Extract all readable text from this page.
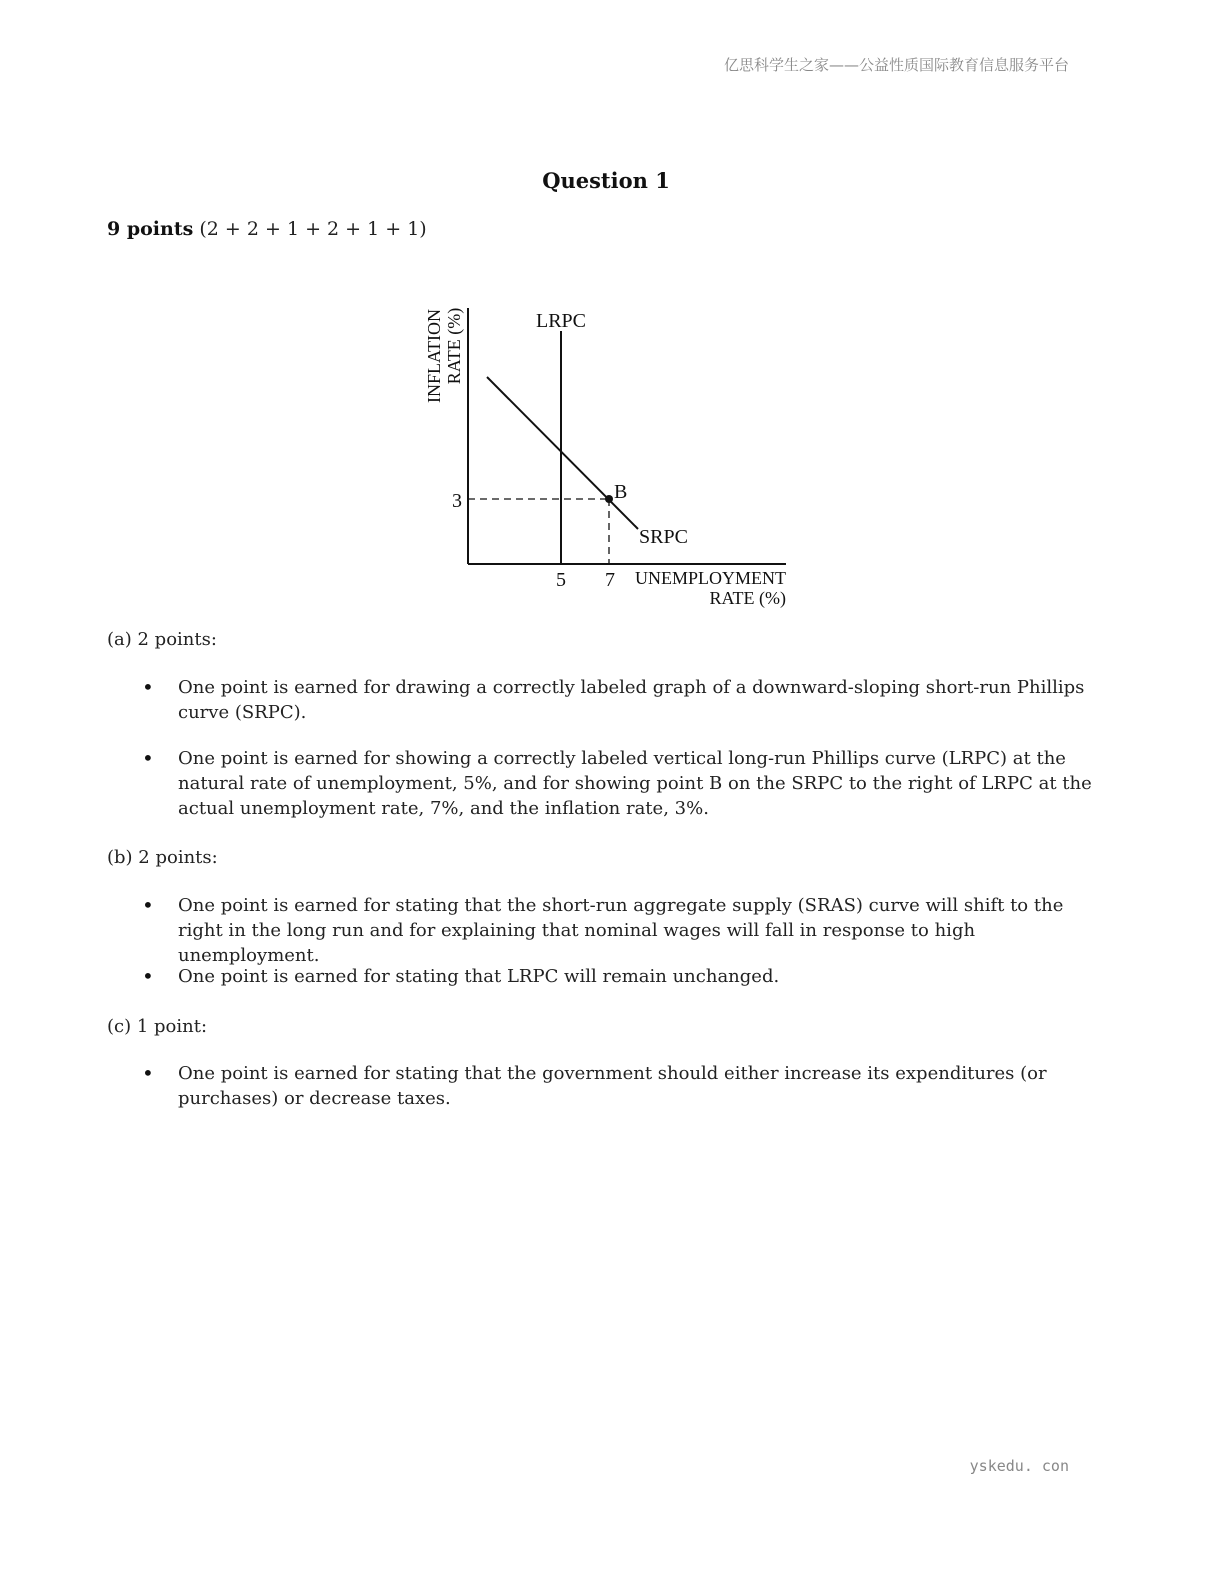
亿思科学生之家——公益性质国际教育信息服务平台
Question 1
9 points (2 + 2 + 1 + 2 + 1 + 1)
INFLATION RATE (%)	LRPC
SRPC
B
3
5 7 UNEMPLOYMENT
RATE (%)
(a) 2 points:
• One point is earned for drawing a correctly labeled graph of a downward-sloping short-run Phillips curve (SRPC).
• One point is earned for showing a correctly labeled vertical long-run Phillips curve (LRPC) at the natural rate of unemployment, 5%, and for showing point B on the SRPC to the right of LRPC at the actual unemployment rate, 7%, and the inflation rate, 3%.
(b) 2 points:
• One point is earned for stating that the short-run aggregate supply (SRAS) curve will shift to the right in the long run and for explaining that nominal wages will fall in response to high unemployment.
• One point is earned for stating that LRPC will remain unchanged.
(c) 1 point:
• One point is earned for stating that the government should either increase its expenditures (or purchases) or decrease taxes.
yskedu. con
